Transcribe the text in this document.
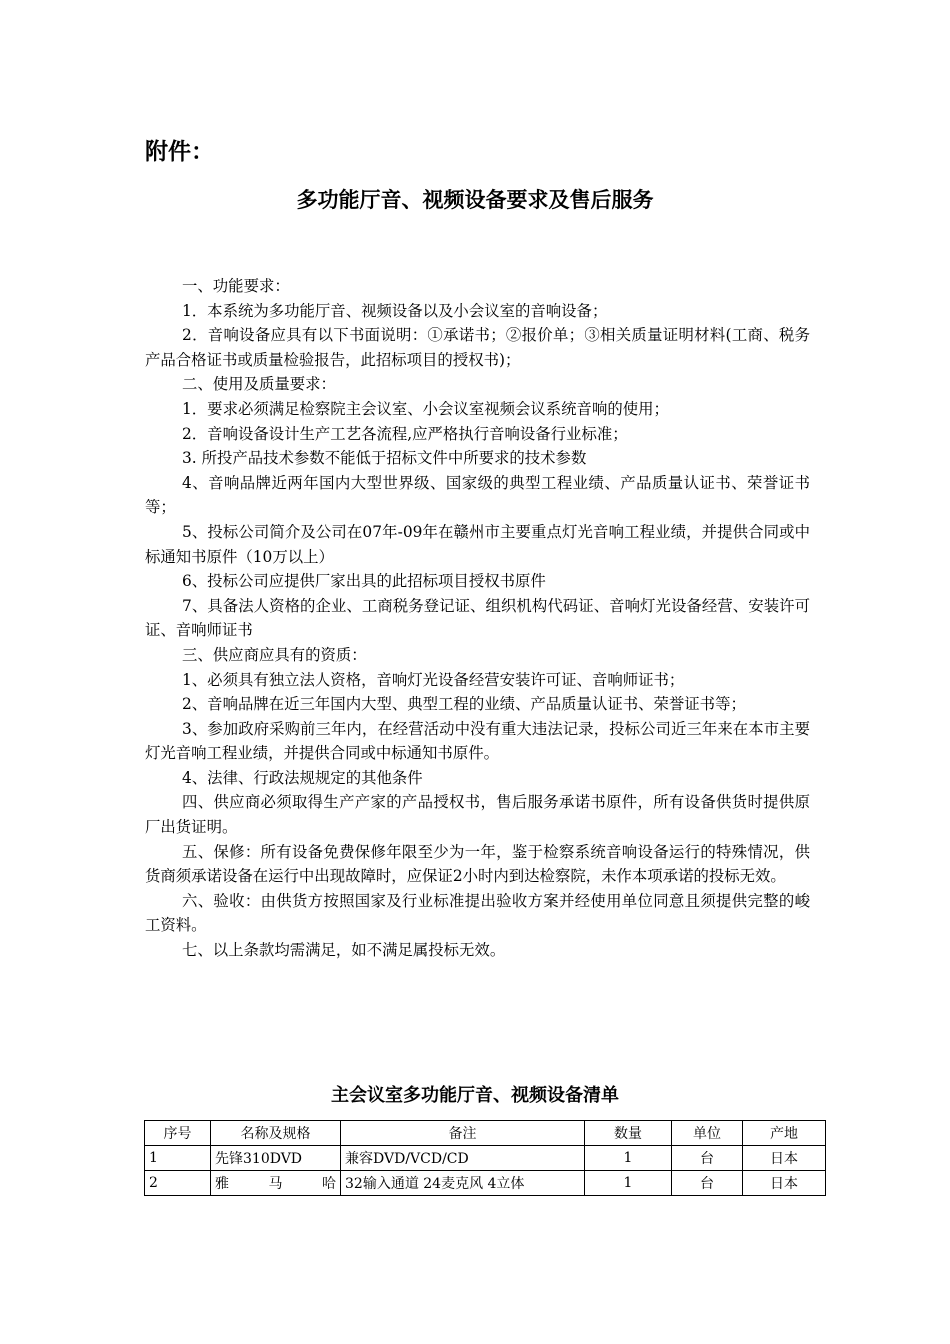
附件：
多功能厅音、视频设备要求及售后服务

一、功能要求：

1．本系统为多功能厅音、视频设备以及小会议室的音响设备；

2．音响设备应具有以下书面说明：①承诺书；②报价单；③相关质量证明材料(工商、税务产品合格证书或质量检验报告，此招标项目的授权书)；

二、使用及质量要求：

1．要求必须满足检察院主会议室、小会议室视频会议系统音响的使用；

2．音响设备设计生产工艺各流程,应严格执行音响设备行业标准；

3. 所投产品技术参数不能低于招标文件中所要求的技术参数

4、音响品牌近两年国内大型世界级、国家级的典型工程业绩、产品质量认证书、荣誉证书等；

5、投标公司简介及公司在07年-09年在赣州市主要重点灯光音响工程业绩，并提供合同或中标通知书原件（10万以上）

6、投标公司应提供厂家出具的此招标项目授权书原件

7、具备法人资格的企业、工商税务登记证、组织机构代码证、音响灯光设备经营、安装许可证、音响师证书

三、供应商应具有的资质：

1、必须具有独立法人资格，音响灯光设备经营安装许可证、音响师证书；

2、音响品牌在近三年国内大型、典型工程的业绩、产品质量认证书、荣誉证书等；

3、参加政府采购前三年内，在经营活动中没有重大违法记录，投标公司近三年来在本市主要灯光音响工程业绩，并提供合同或中标通知书原件。

4、法律、行政法规规定的其他条件

四、供应商必须取得生产产家的产品授权书，售后服务承诺书原件，所有设备供货时提供原厂出货证明。

五、保修：所有设备免费保修年限至少为一年，鉴于检察系统音响设备运行的特殊情况，供货商须承诺设备在运行中出现故障时，应保证2小时内到达检察院，未作本项承诺的投标无效。

六、验收：由供货方按照国家及行业标准提出验收方案并经使用单位同意且须提供完整的峻工资料。

七、以上条款均需满足，如不满足属投标无效。

主会议室多功能厅音、视频设备清单
序号	名称及规格	备注	数量	单位	产地
1	先锋310DVD	兼容DVD/VCD/CD	1	台	日本
2	雅　　马　　哈	32输入通道 24麦克风 4立体	1	台	日本
